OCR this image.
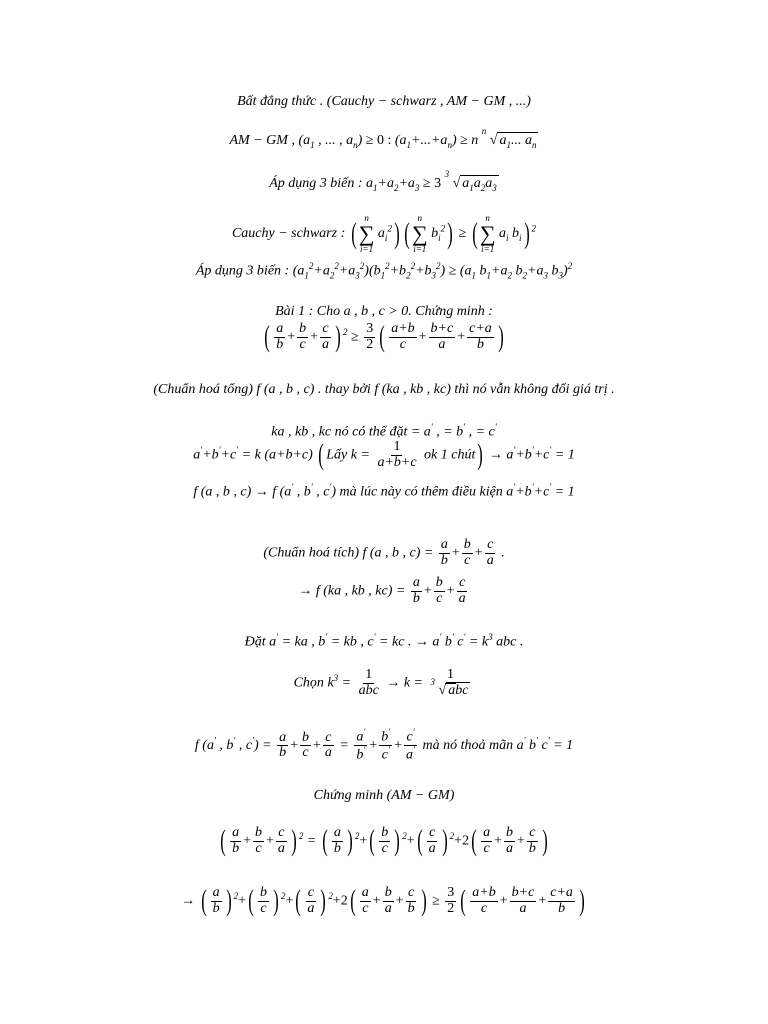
Bất đẳng thức . (Cauchy − schwarz , AM − GM , ...)
AM − GM , ($a_1$ , ... , $a_n) \ge 0$ : $(a_1+...+a_n) \ge n$
n
√ $a_1$... $a_n$
Áp dụng 3 biến : $a_1+a_2+a_3 \ge 3$
3
√ $a_1a_2a_3$
Cauchy − schwarz : ( n
∑
i=1
$a_i^2$) ( n
∑
i=1
$b_i^2$) ≥ ( n
∑
i=1
$a_i$ $b_i$) $^2$
Áp dụng 3 biến : $(a_1^2+a_2^2+a_3^2)(b_1^2+b_2^2+b_3^2) \ge (a_1$ $b_1+a_2$ $b_2+a_3$ $b_3)^2$
Bài 1 : Cho a , b , c > 0. Chứng minh :
( $\frac{a}{b} + \frac{b}{c} + \frac{c}{a}$ ) $^2 \ge \frac{3}{2}$ ( $\frac{a+b}{c} + \frac{b+c}{a} + \frac{c+a}{b}$ )
(Chuẩn hoá tổng) f (a , b , c) . thay bởi f (ka , kb , kc) thì nó vẫn không đổi giá trị .
ka , kb , kc nó có thể đặt = a' , = b' , = c'
a'+b'+c' = k (a+b+c) ( Lấy $k = \frac{1}{a+b+c}$ ok 1 chút) → a'+b'+c' = 1
f (a , b , c) → f (a' , b' , c') mà lúc này có thêm điều kiện a'+b'+c' = 1
(Chuẩn hoá tích) f (a , b , $c) = \frac{a}{b} + \frac{b}{c} + \frac{c}{a}$ .
→ f (ka , kb , $kc) = \frac{a}{b} + \frac{b}{c} + \frac{c}{a}$
Đặt a' = ka , b' = kb , c' = kc . → a' b' $c' = k^3$ abc .
Chọn $k^3 = \frac{1}{\text{abc}} \to k = 1$
3
√ abc
f (a' , b' , $c') = \frac{a}{b} + \frac{b}{c} + \frac{c}{a} = \frac{a'}{b'} + \frac{b'}{c'} + \frac{c'}{a'}$ mà nó thoả mãn a' b' c' = 1
Chứng minh (AM − GM)
( $\frac{a}{b} + \frac{b}{c} + \frac{c}{a}$ ) $^2$ = ( $\frac{a}{b}$ ) $^2+( \frac{b}{c}$ ) $^2+( \frac{c}{a}$ ) $^2+2( \frac{a}{c} + \frac{b}{a} + \frac{c}{b}$ )
→ ( $\frac{a}{b}$ ) $^2+( \frac{b}{c}$ ) $^2+( \frac{c}{a}$ ) $^2+2( \frac{a}{c} + \frac{b}{a} + \frac{c}{b}$ ) ≥ $\frac{3}{2}$ ( $\frac{a+b}{c} + \frac{b+c}{a} + \frac{c+a}{b}$ )
